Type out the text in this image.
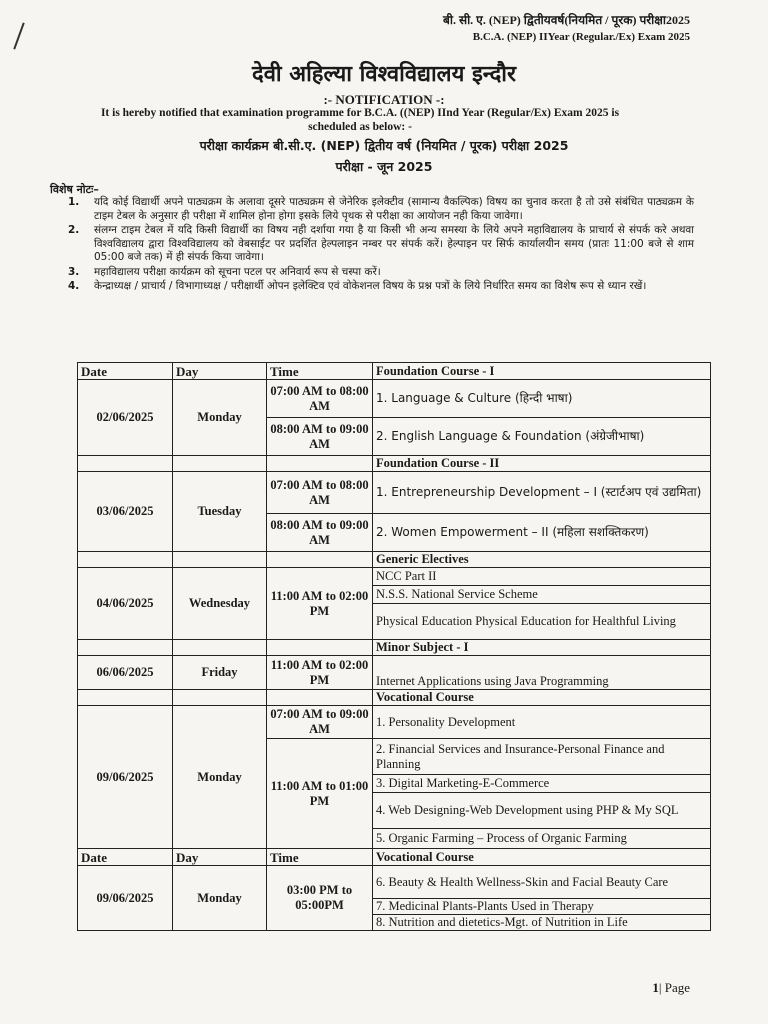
बी. सी. ए. (NEP) द्वितीयवर्ष(नियमित / पूरक) परीक्षा2025
B.C.A. (NEP) IIYear (Regular./Ex) Exam 2025
देवी अहिल्या विश्वविद्यालय इन्दौर
:- NOTIFICATION -:
It is hereby notified that examination programme for B.C.A. ((NEP) IInd Year (Regular/Ex) Exam 2025 is
scheduled as below: -
परीक्षा कार्यक्रम बी.सी.ए. (NEP) द्वितीय वर्ष (नियमित / पूरक) परीक्षा 2025
परीक्षा - जून 2025
विशेष नोटः–
1.	यदि कोई विद्यार्थी अपने पाठ्यक्रम के अलावा दूसरे पाठ्यक्रम से जेनेरिक इलेक्टीव (सामान्य वैकल्पिक) विषय का चुनाव करता है तो उसे संबंधित पाठ्यक्रम के टाइम टेबल के अनुसार ही परीक्षा में शामिल होना होगा इसके लिये पृथक से परीक्षा का आयोजन नही किया जावेगा।
2.	संलग्न टाइम टेबल में यदि किसी विद्यार्थी का विषय नही दर्शाया गया है या किसी भी अन्य समस्या के लिये अपने महाविद्यालय के प्राचार्य से संपर्क करे अथवा विश्वविद्यालय द्वारा विश्वविद्यालय को वेबसाईट पर प्रदर्शित हेल्पलाइन नम्बर पर संपर्क करें। हेल्पाइन पर सिर्फ कार्यालयीन समय (प्रातः 11:00 बजे से शाम 05:00 बजे तक) में ही संपर्क किया जावेगा।
3.	महाविद्यालय परीक्षा कार्यक्रम को सूचना पटल पर अनिवार्य रूप से चस्पा करें।
4.	केन्द्राध्यक्ष / प्राचार्य / विभागाध्यक्ष / परीक्षार्थी ओपन इलेक्टिव एवं वोकेशनल विषय के प्रश्न पत्रों के लिये निर्धारित समय का विशेष रूप से ध्यान रखें।
Date	Day	Time	Foundation Course - I
02/06/2025	Monday	07:00 AM to 08:00 AM	1. Language & Culture (हिन्दी भाषा)
		08:00 AM to 09:00 AM	2. English Language & Foundation (अंग्रेजीभाषा)
			Foundation Course - II
03/06/2025	Tuesday	07:00 AM to 08:00 AM	1. Entrepreneurship Development – I (स्टार्टअप एवं उद्यमिता)
		08:00 AM to 09:00 AM	2. Women Empowerment – II (महिला सशक्तिकरण)
			Generic Electives
04/06/2025	Wednesday	11:00 AM to 02:00 PM	NCC Part II
			N.S.S. National Service Scheme
			Physical Education Physical Education for Healthful Living
			Minor Subject - I
06/06/2025	Friday	11:00 AM to 02:00 PM	Internet Applications using Java Programming
			Vocational Course
09/06/2025	Monday	07:00 AM to 09:00 AM	1. Personality Development
		11:00 AM to 01:00 PM	2. Financial Services and Insurance-Personal Finance and Planning
			3. Digital Marketing-E-Commerce
			4. Web Designing-Web Development using PHP & My SQL
			5. Organic Farming – Process of Organic Farming
Date	Day	Time	Vocational Course
09/06/2025	Monday	03:00 PM to 05:00PM	6. Beauty & Health Wellness-Skin and Facial Beauty Care
			7. Medicinal Plants-Plants Used in Therapy
			8. Nutrition and dietetics-Mgt. of Nutrition in Life
1| Page
